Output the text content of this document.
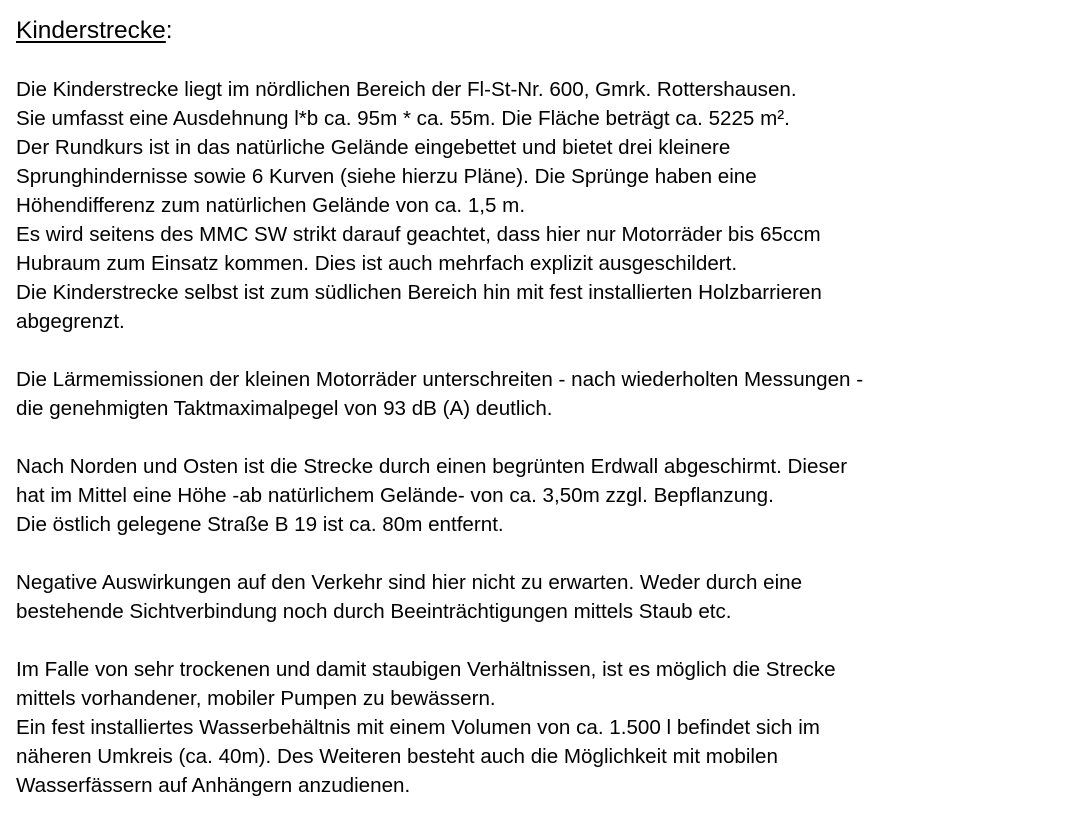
Kinderstrecke:
Die Kinderstrecke liegt im nördlichen Bereich der Fl-St-Nr. 600, Gmrk. Rottershausen.
Sie umfasst eine Ausdehnung l*b ca. 95m * ca. 55m. Die Fläche beträgt ca. 5225 m².
Der Rundkurs ist in das natürliche Gelände eingebettet und bietet drei kleinere
Sprunghindernisse sowie 6 Kurven (siehe hierzu Pläne). Die Sprünge haben eine
Höhendifferenz zum natürlichen Gelände von ca. 1,5 m.
Es wird seitens des MMC SW strikt darauf geachtet, dass hier nur Motorräder bis 65ccm
Hubraum zum Einsatz kommen. Dies ist auch mehrfach explizit ausgeschildert.
Die Kinderstrecke selbst ist zum südlichen Bereich hin mit fest installierten Holzbarrieren
abgegrenzt.
Die Lärmemissionen der kleinen Motorräder unterschreiten - nach wiederholten Messungen -
die genehmigten Taktmaximalpegel von 93 dB (A) deutlich.
Nach Norden und Osten ist die Strecke durch einen begrünten Erdwall abgeschirmt. Dieser
hat im Mittel eine Höhe -ab natürlichem Gelände- von ca. 3,50m zzgl. Bepflanzung.
Die östlich gelegene Straße B 19 ist ca. 80m entfernt.
Negative Auswirkungen auf den Verkehr sind hier nicht zu erwarten. Weder durch eine
bestehende Sichtverbindung noch durch Beeinträchtigungen mittels Staub etc.
Im Falle von sehr trockenen und damit staubigen Verhältnissen, ist es möglich die Strecke
mittels vorhandener, mobiler Pumpen zu bewässern.
Ein fest installiertes Wasserbehältnis mit einem Volumen von ca. 1.500 l befindet sich im
näheren Umkreis (ca. 40m). Des Weiteren besteht auch die Möglichkeit mit mobilen
Wasserfässern auf Anhängern anzudienen.
